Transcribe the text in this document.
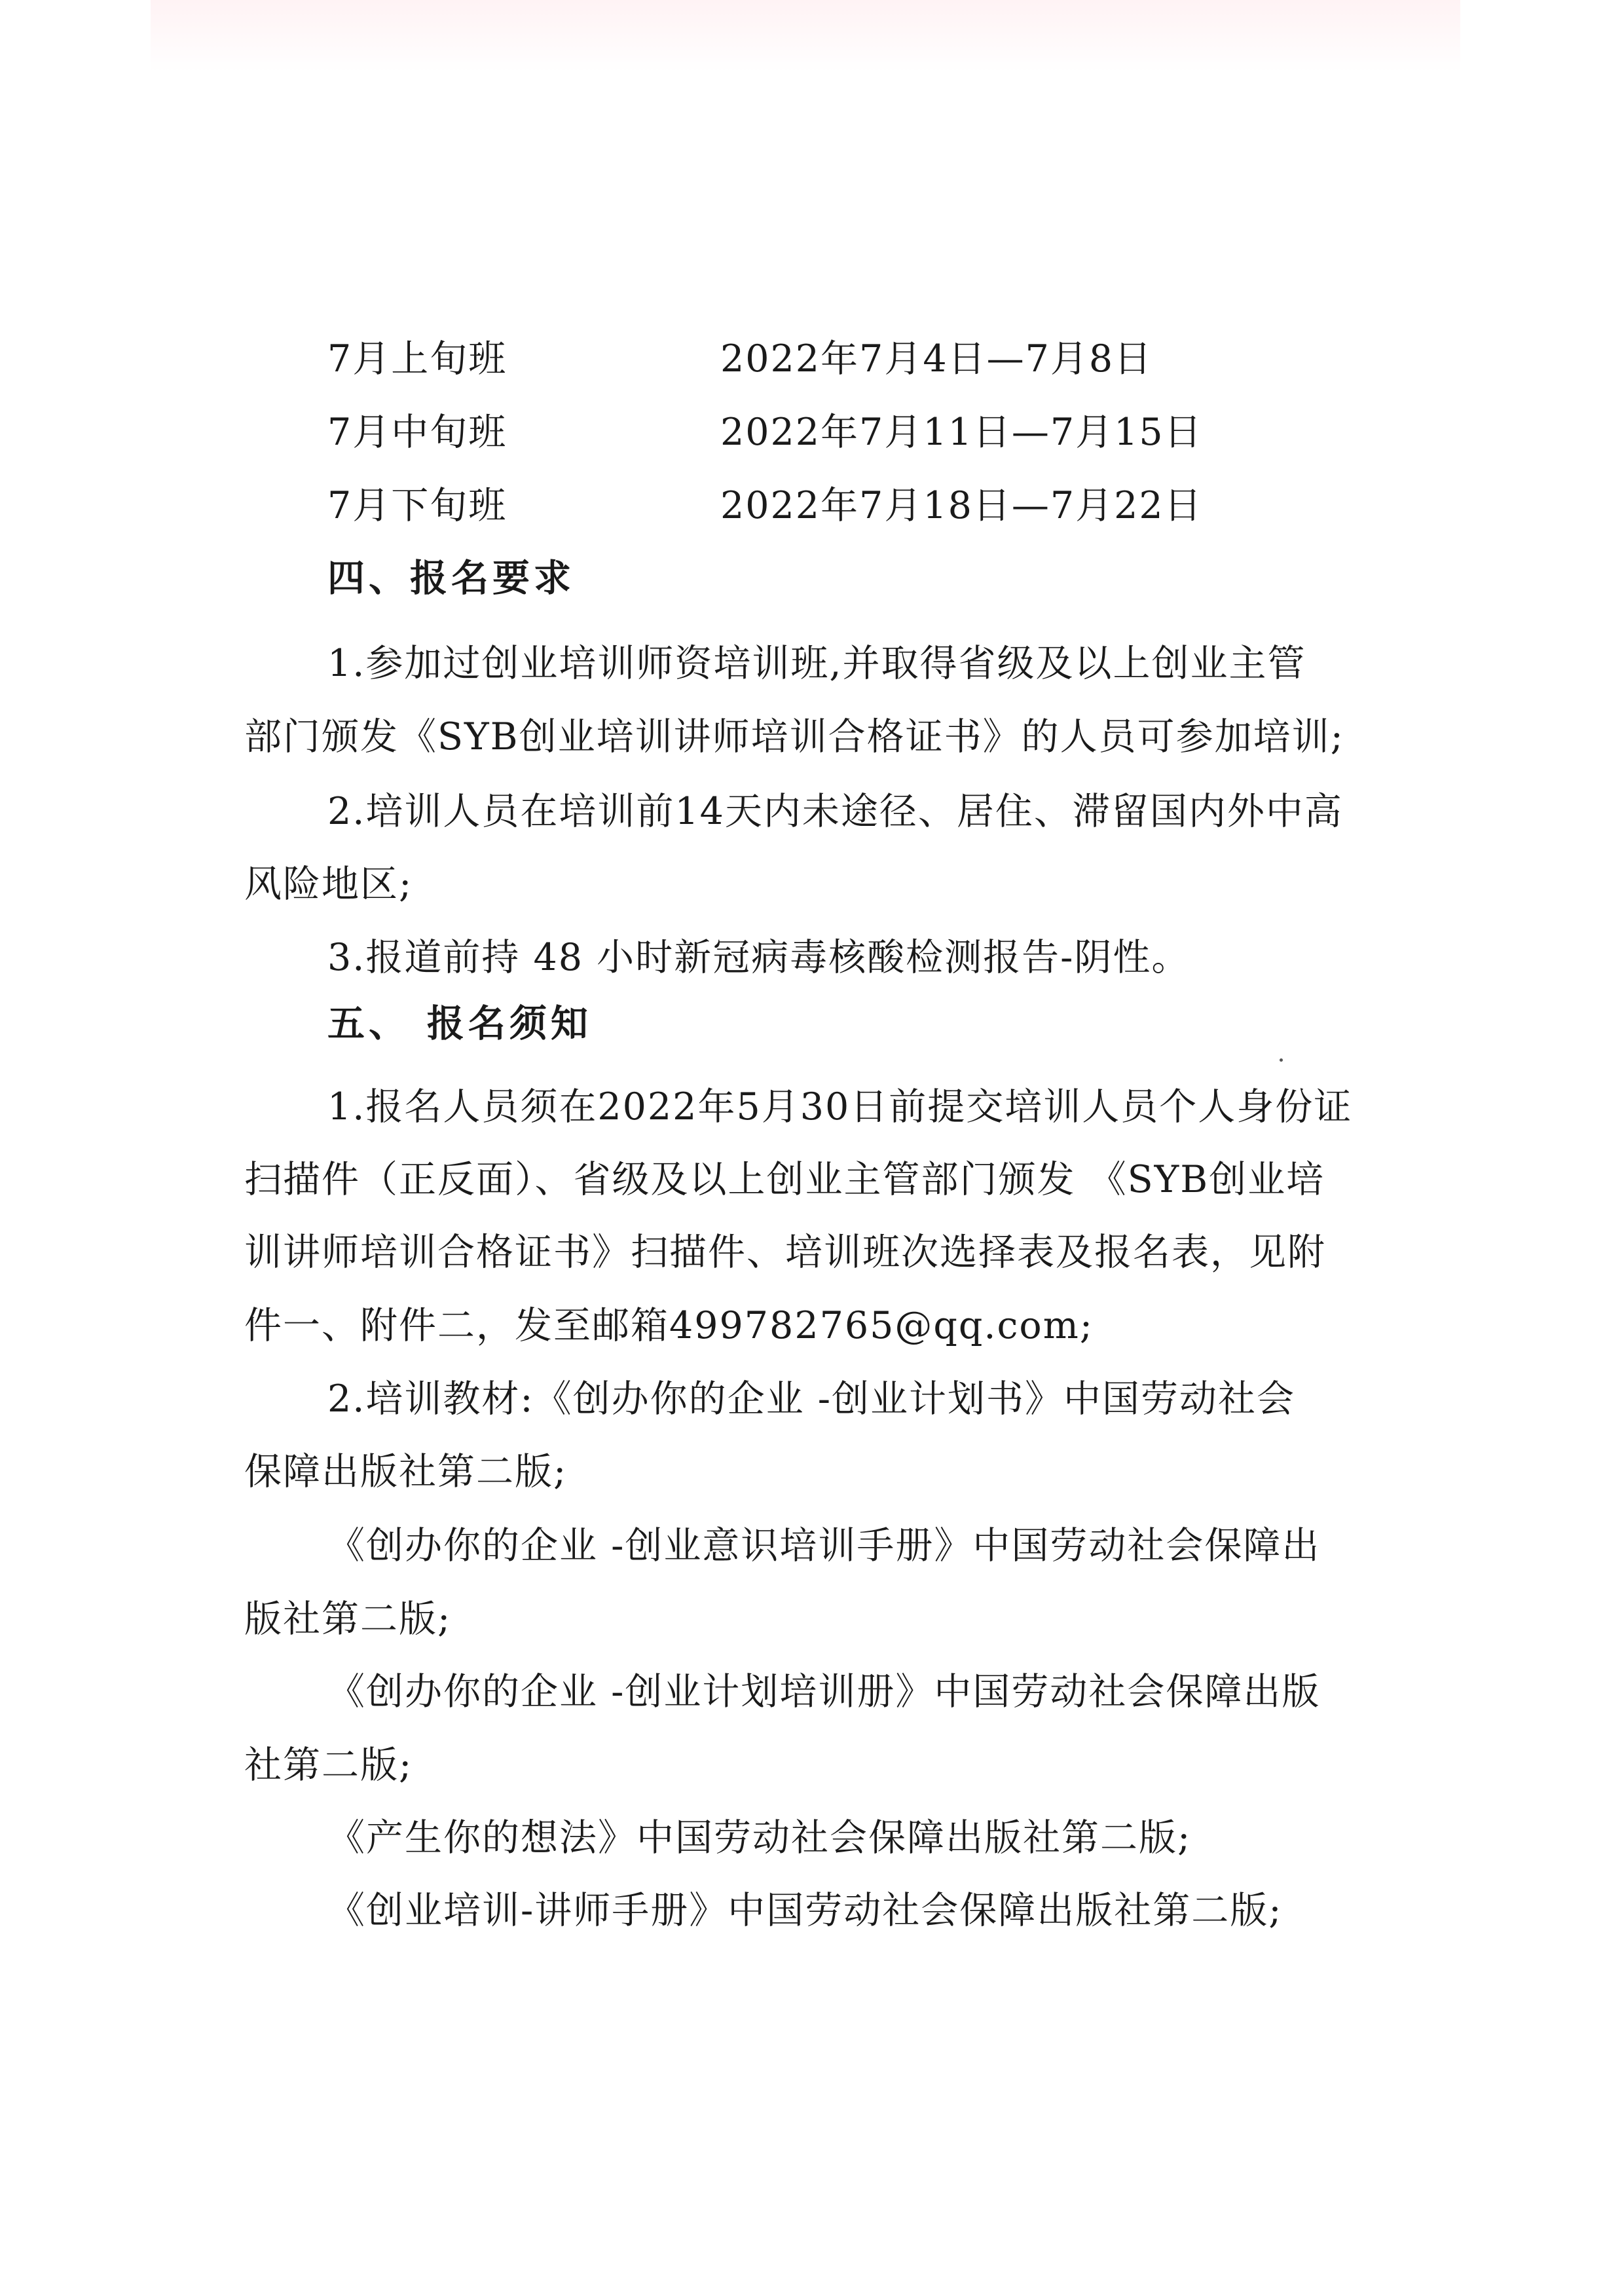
7月上旬班	2022年7月4日—7月8日
7月中旬班	2022年7月11日—7月15日
7月下旬班	2022年7月18日—7月22日
四、报名要求
1.参加过创业培训师资培训班,并取得省级及以上创业主管
部门颁发《SYB创业培训讲师培训合格证书》的人员可参加培训;
2.培训人员在培训前14天内未途径、居住、滞留国内外中高
风险地区;
3.报道前持 48 小时新冠病毒核酸检测报告-阴性。
五、 报名须知
1.报名人员须在2022年5月30日前提交培训人员个人身份证
扫描件（正反面）、省级及以上创业主管部门颁发 《SYB创业培
训讲师培训合格证书》扫描件、培训班次选择表及报名表，见附
件一、附件二，发至邮箱499782765@qq.com;
2.培训教材:《创办你的企业 -创业计划书》中国劳动社会
保障出版社第二版;
《创办你的企业 -创业意识培训手册》中国劳动社会保障出
版社第二版;
《创办你的企业 -创业计划培训册》中国劳动社会保障出版
社第二版;
《产生你的想法》中国劳动社会保障出版社第二版;
《创业培训-讲师手册》中国劳动社会保障出版社第二版;
